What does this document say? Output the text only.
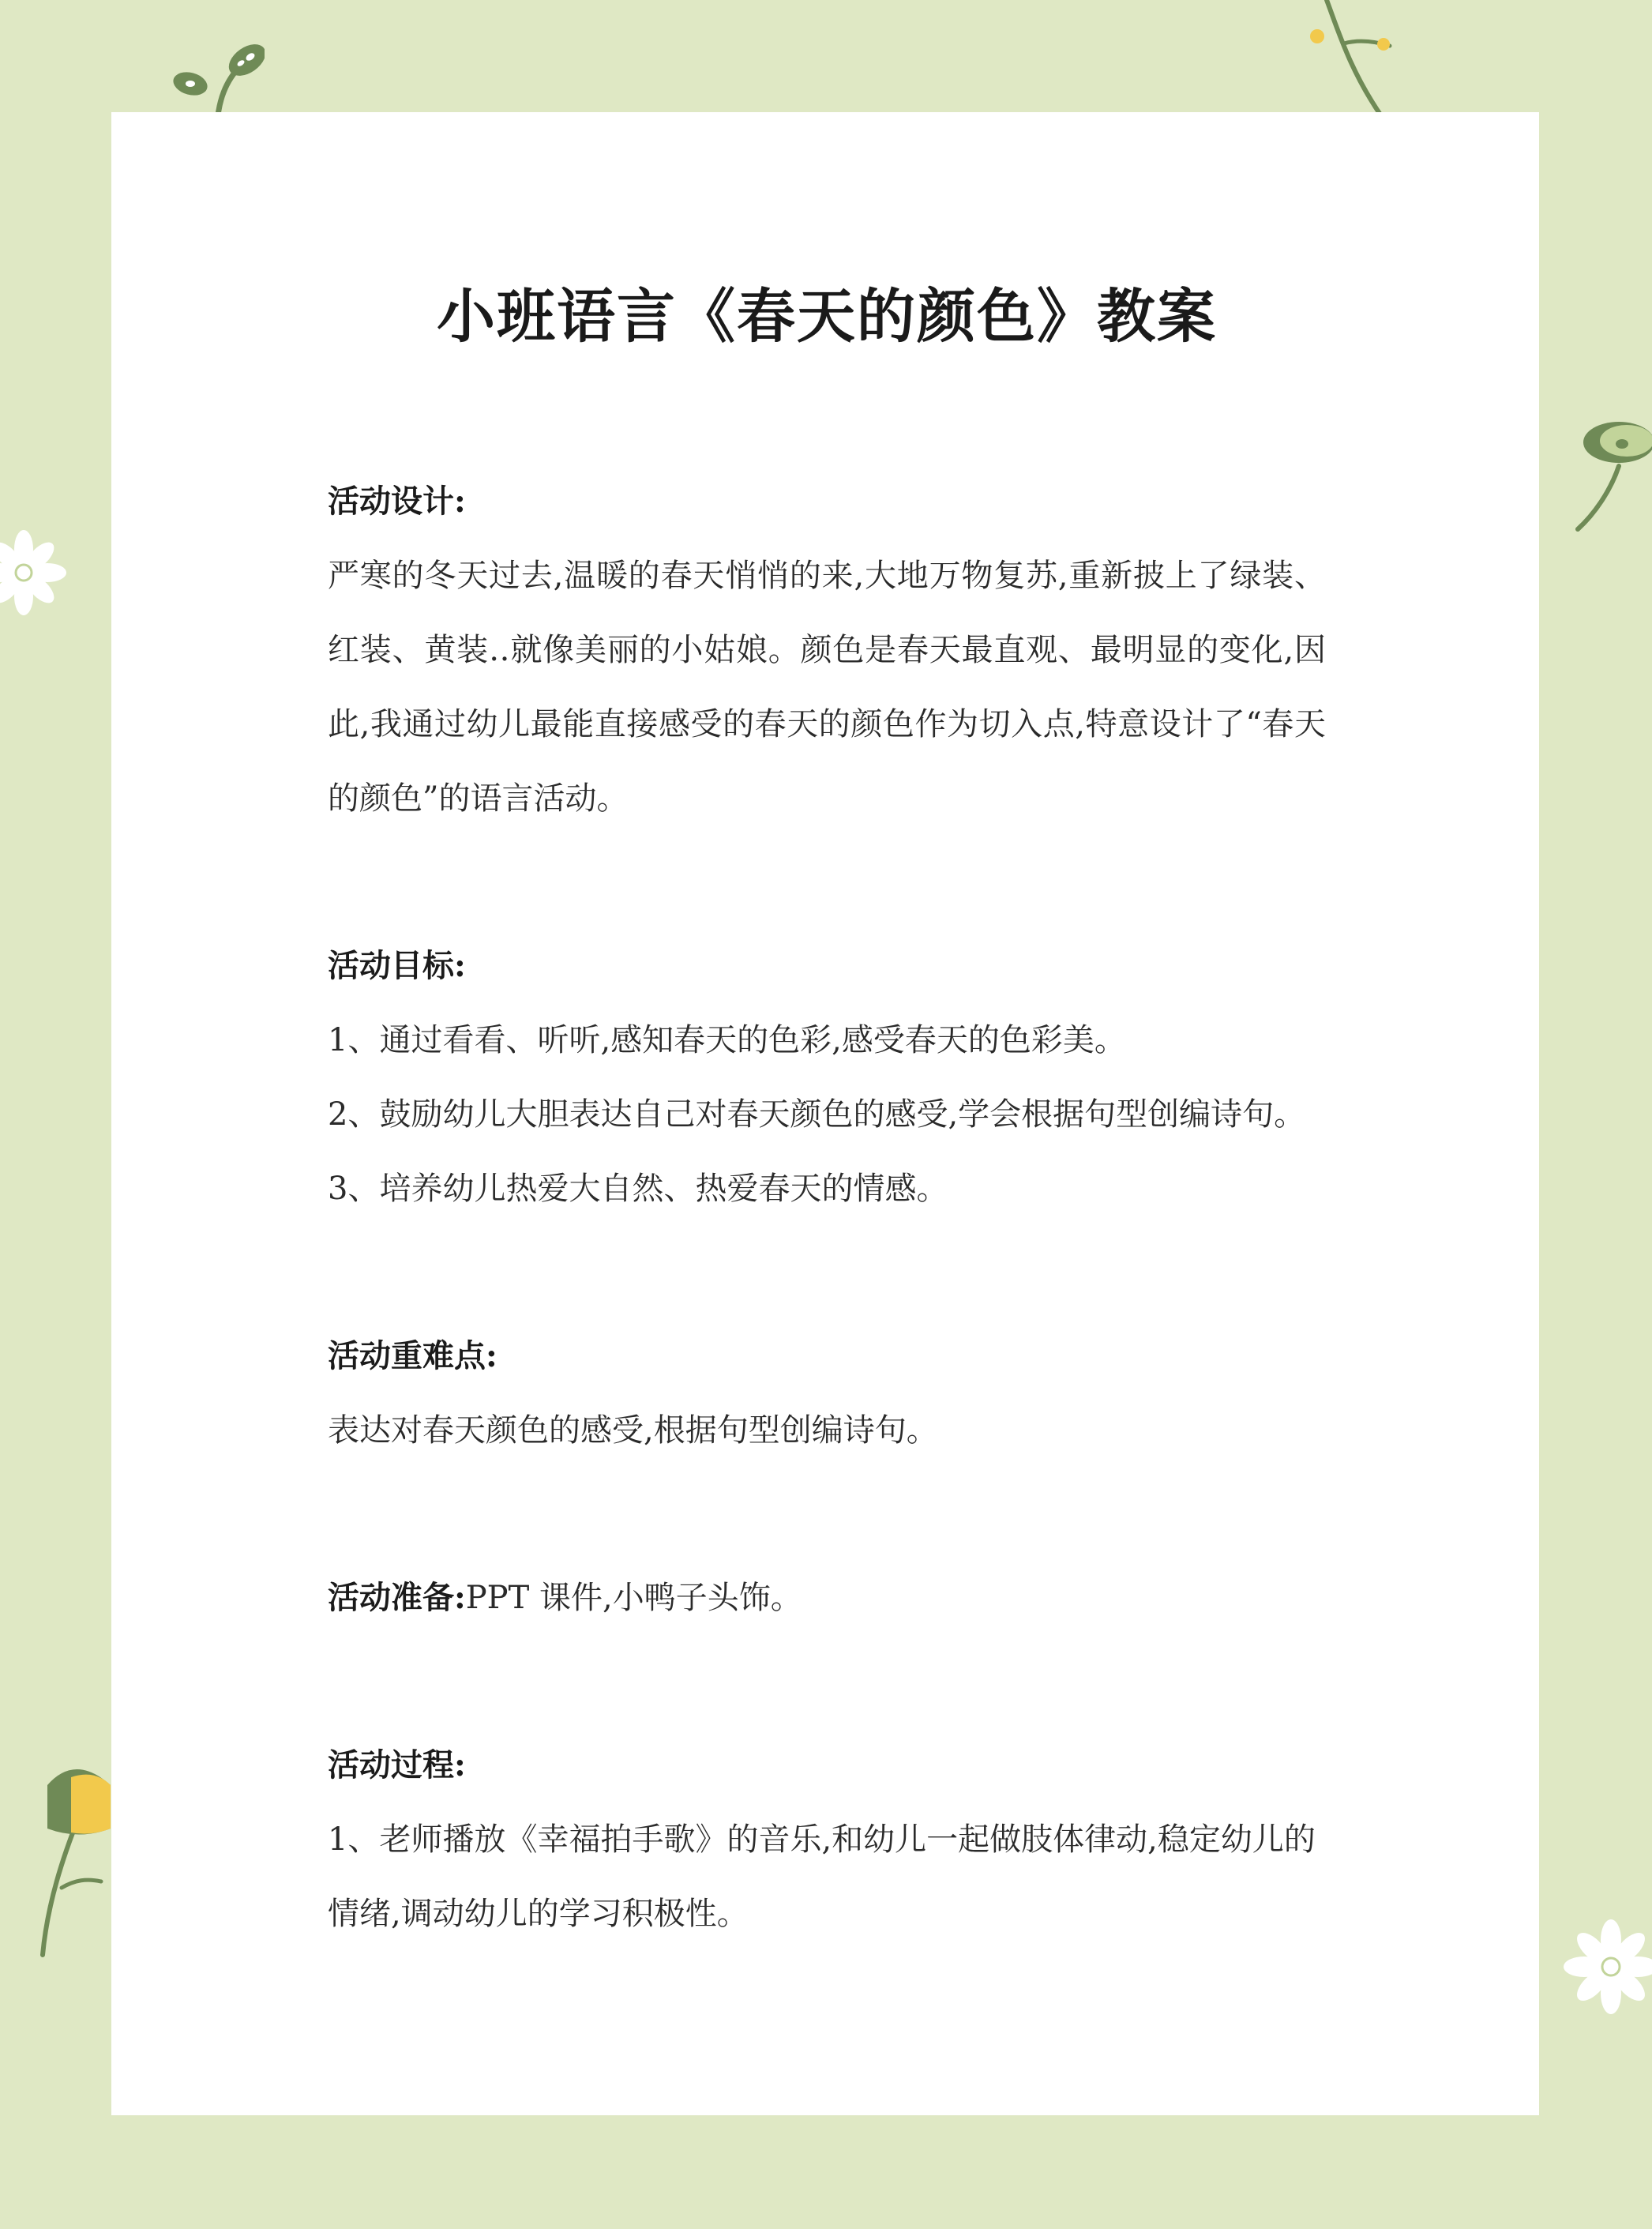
小班语言《春天的颜色》教案

活动设计:

严寒的冬天过去,温暖的春天悄悄的来,大地万物复苏,重新披上了绿装、红装、黄装‥就像美丽的小姑娘。颜色是春天最直观、最明显的变化,因此,我通过幼儿最能直接感受的春天的颜色作为切入点,特意设计了“春天的颜色”的语言活动。

活动目标:

1、通过看看、听听,感知春天的色彩,感受春天的色彩美。

2、鼓励幼儿大胆表达自己对春天颜色的感受,学会根据句型创编诗句。

3、培养幼儿热爱大自然、热爱春天的情感。

活动重难点:

表达对春天颜色的感受,根据句型创编诗句。

活动准备:PPT 课件,小鸭子头饰。

活动过程:

1、老师播放《幸福拍手歌》的音乐,和幼儿一起做肢体律动,稳定幼儿的情绪,调动幼儿的学习积极性。
